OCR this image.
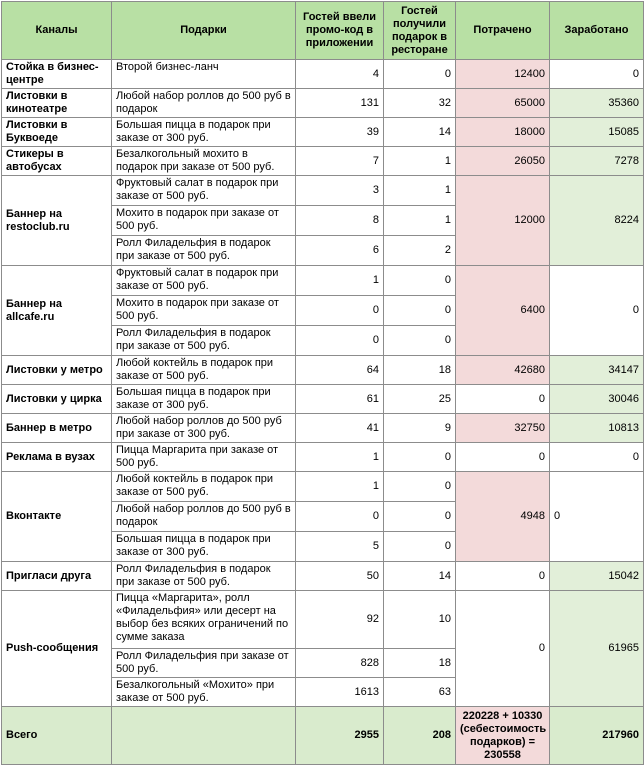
Каналы	Подарки	Гостей ввели промо-код в приложении	Гостей получили подарок в ресторане	Потрачено	Заработано
Стойка в бизнес-центре	Второй бизнес-ланч	4	0	12400	0
Листовки в кинотеатре	Любой набор роллов до 500 руб в подарок	131	32	65000	35360
Листовки в Буквоеде	Большая пицца в подарок при заказе от 300 руб.	39	14	18000	15085
Стикеры в автобусах	Безалкогольный мохито в подарок при заказе от 500 руб.	7	1	26050	7278
Баннер на restoclub.ru	Фруктовый салат в подарок при заказе от 500 руб.	3	1	12000	8224
	Мохито в подарок при заказе от 500 руб.	8	1		
	Ролл Филадельфия в подарок при заказе от 500 руб.	6	2		
Баннер на allcafe.ru	Фруктовый салат в подарок при заказе от 500 руб.	1	0	6400	0
	Мохито в подарок при заказе от 500 руб.	0	0		
	Ролл Филадельфия в подарок при заказе от 500 руб.	0	0		
Листовки у метро	Любой коктейль в подарок при заказе от 500 руб.	64	18	42680	34147
Листовки у цирка	Большая пицца в подарок при заказе от 300 руб.	61	25	0	30046
Баннер в метро	Любой набор роллов до 500 руб при заказе от 300 руб.	41	9	32750	10813
Реклама в вузах	Пицца Маргарита при заказе от 500 руб.	1	0	0	0
Вконтакте	Любой коктейль в подарок при заказе от 500 руб.	1	0	4948	0
	Любой набор роллов до 500 руб в подарок	0	0		
	Большая пицца в подарок при заказе от 300 руб.	5	0		
Пригласи друга	Ролл Филадельфия в подарок при заказе от 500 руб.	50	14	0	15042
Push-сообщения	Пицца «Маргарита», ролл «Филадельфия» или десерт на выбор без всяких ограничений по сумме заказа	92	10	0	61965
	Ролл Филадельфия при заказе от 500 руб.	828	18		
	Безалкогольный «Мохито» при заказе от 500 руб.	1613	63		
Всего		2955	208	220228 + 10330 (себестоимость подарков) = 230558	217960
